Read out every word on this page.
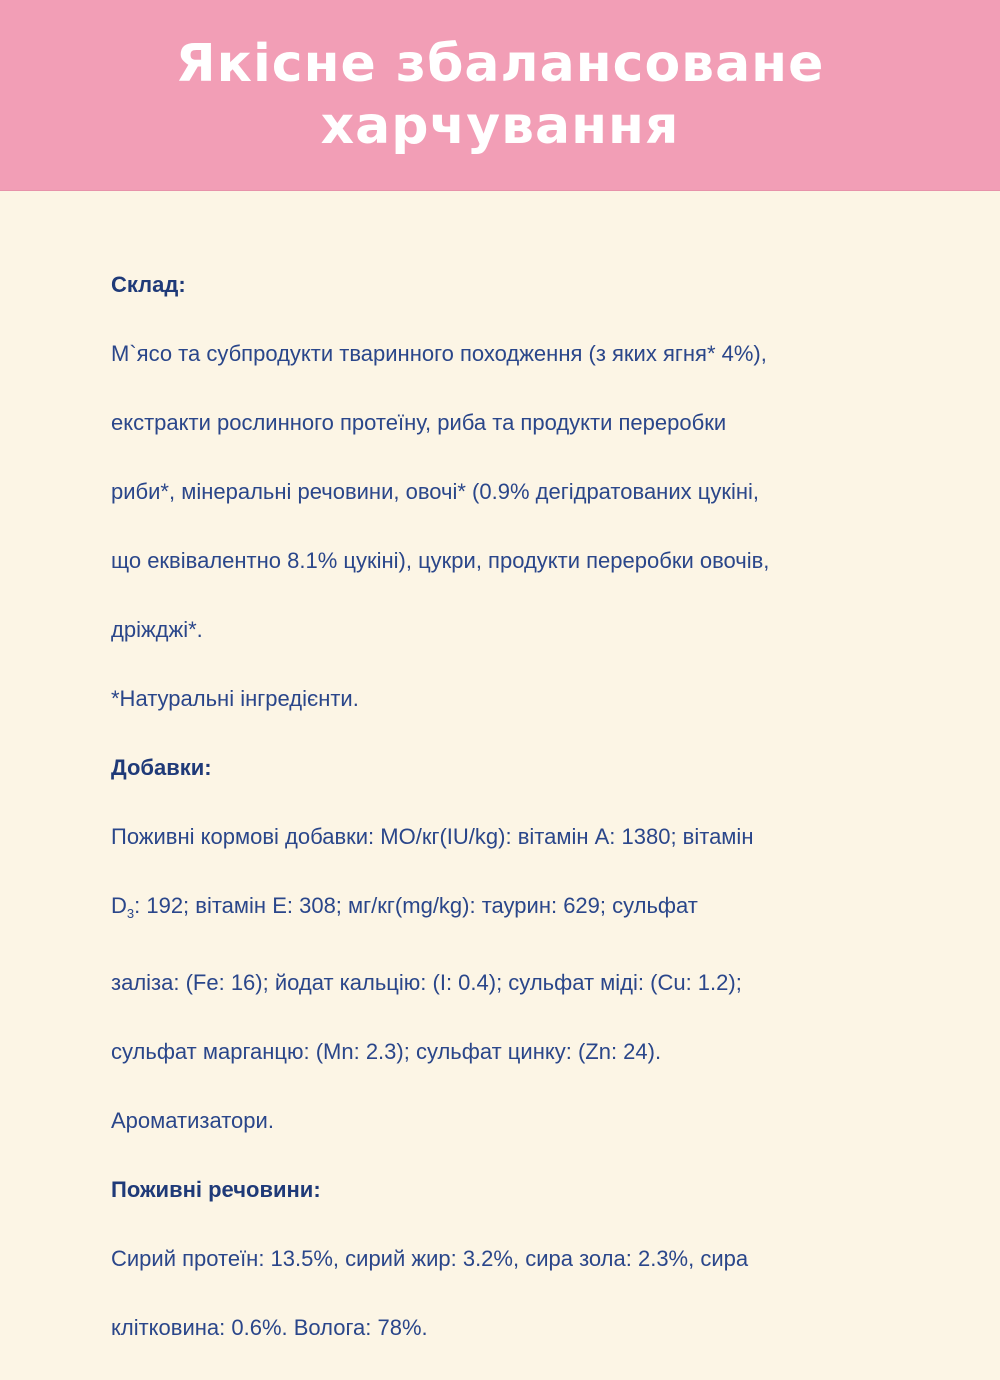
Якісне збалансоване харчування
Склад:

М`ясо та субпродукти тваринного походження (з яких ягня* 4%),

екстракти рослинного протеїну, риба та продукти переробки

риби*, мінеральні речовини, овочі* (0.9% дегідратованих цукіні,

що еквівалентно 8.1% цукіні), цукри, продукти переробки овочів,

дріжджі*.

*Натуральні інгредієнти.

Добавки:

Поживні кормові добавки: МО/кг(IU/kg): вітамін A: 1380; вітамін

$D_3$: 192; вітамін E: 308; мг/кг(mg/kg): таурин: 629; сульфат

заліза: (Fe: 16); йодат кальцію: (I: 0.4); сульфат міді: (Cu: 1.2);

сульфат марганцю: (Mn: 2.3); сульфат цинку: (Zn: 24).

Ароматизатори.

Поживні речовини:

Сирий протеїн: 13.5%, сирий жир: 3.2%, сира зола: 2.3%, сира

клітковина: 0.6%. Волога: 78%.
